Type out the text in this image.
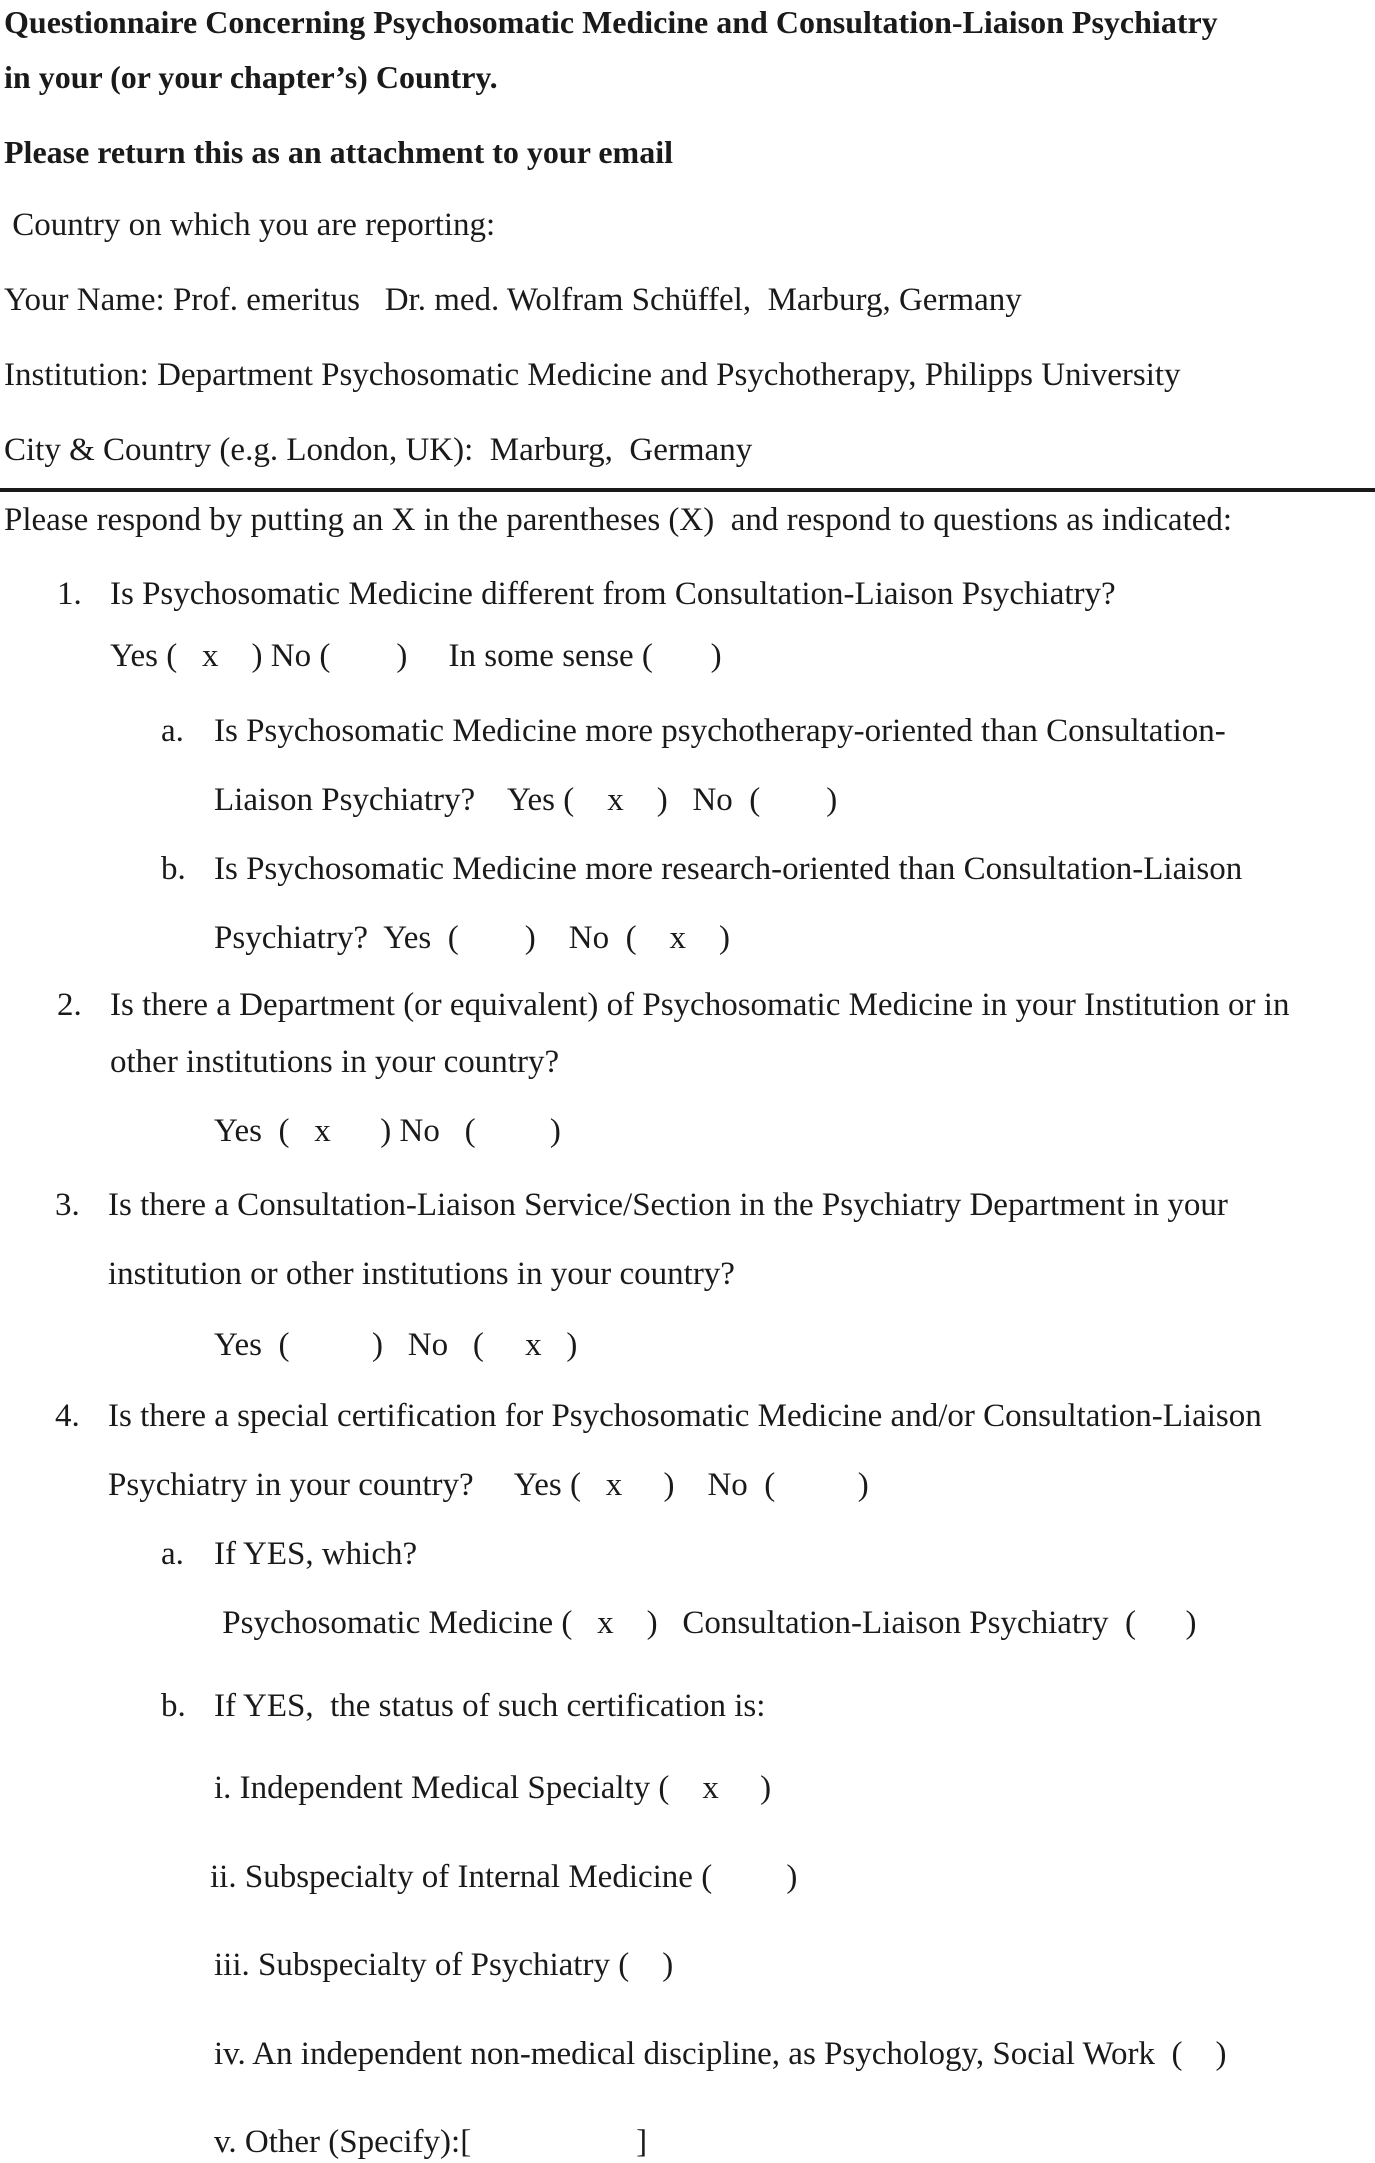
Questionnaire Concerning Psychosomatic Medicine and Consultation-Liaison Psychiatry
in your (or your chapter’s) Country.
Please return this as an attachment to your email
Country on which you are reporting:
Your Name: Prof. emeritus   Dr. med. Wolfram Schüffel,  Marburg, Germany
Institution: Department Psychosomatic Medicine and Psychotherapy, Philipps University
City & Country (e.g. London, UK):  Marburg,  Germany
Please respond by putting an X in the parentheses (X)  and respond to questions as indicated:
1. Is Psychosomatic Medicine different from Consultation-Liaison Psychiatry?
Yes (   x    ) No (        )     In some sense (       )
a. Is Psychosomatic Medicine more psychotherapy-oriented than Consultation-
Liaison Psychiatry?    Yes (    x    )   No  (        )
b. Is Psychosomatic Medicine more research-oriented than Consultation-Liaison
Psychiatry?  Yes  (        )    No  (    x    )
2. Is there a Department (or equivalent) of Psychosomatic Medicine in your Institution or in
other institutions in your country?
Yes  (   x      ) No   (         )
3. Is there a Consultation-Liaison Service/Section in the Psychiatry Department in your
institution or other institutions in your country?
Yes  (          )   No   (     x   )
4. Is there a special certification for Psychosomatic Medicine and/or Consultation-Liaison
Psychiatry in your country?     Yes (   x     )    No  (          )
a. If YES, which?
Psychosomatic Medicine (   x    )   Consultation-Liaison Psychiatry  (      )
b. If YES,  the status of such certification is:
i. Independent Medical Specialty (    x     )
ii. Subspecialty of Internal Medicine (         )
iii. Subspecialty of Psychiatry (    )
iv. An independent non-medical discipline, as Psychology, Social Work  (    )
v. Other (Specify):[                    ]
